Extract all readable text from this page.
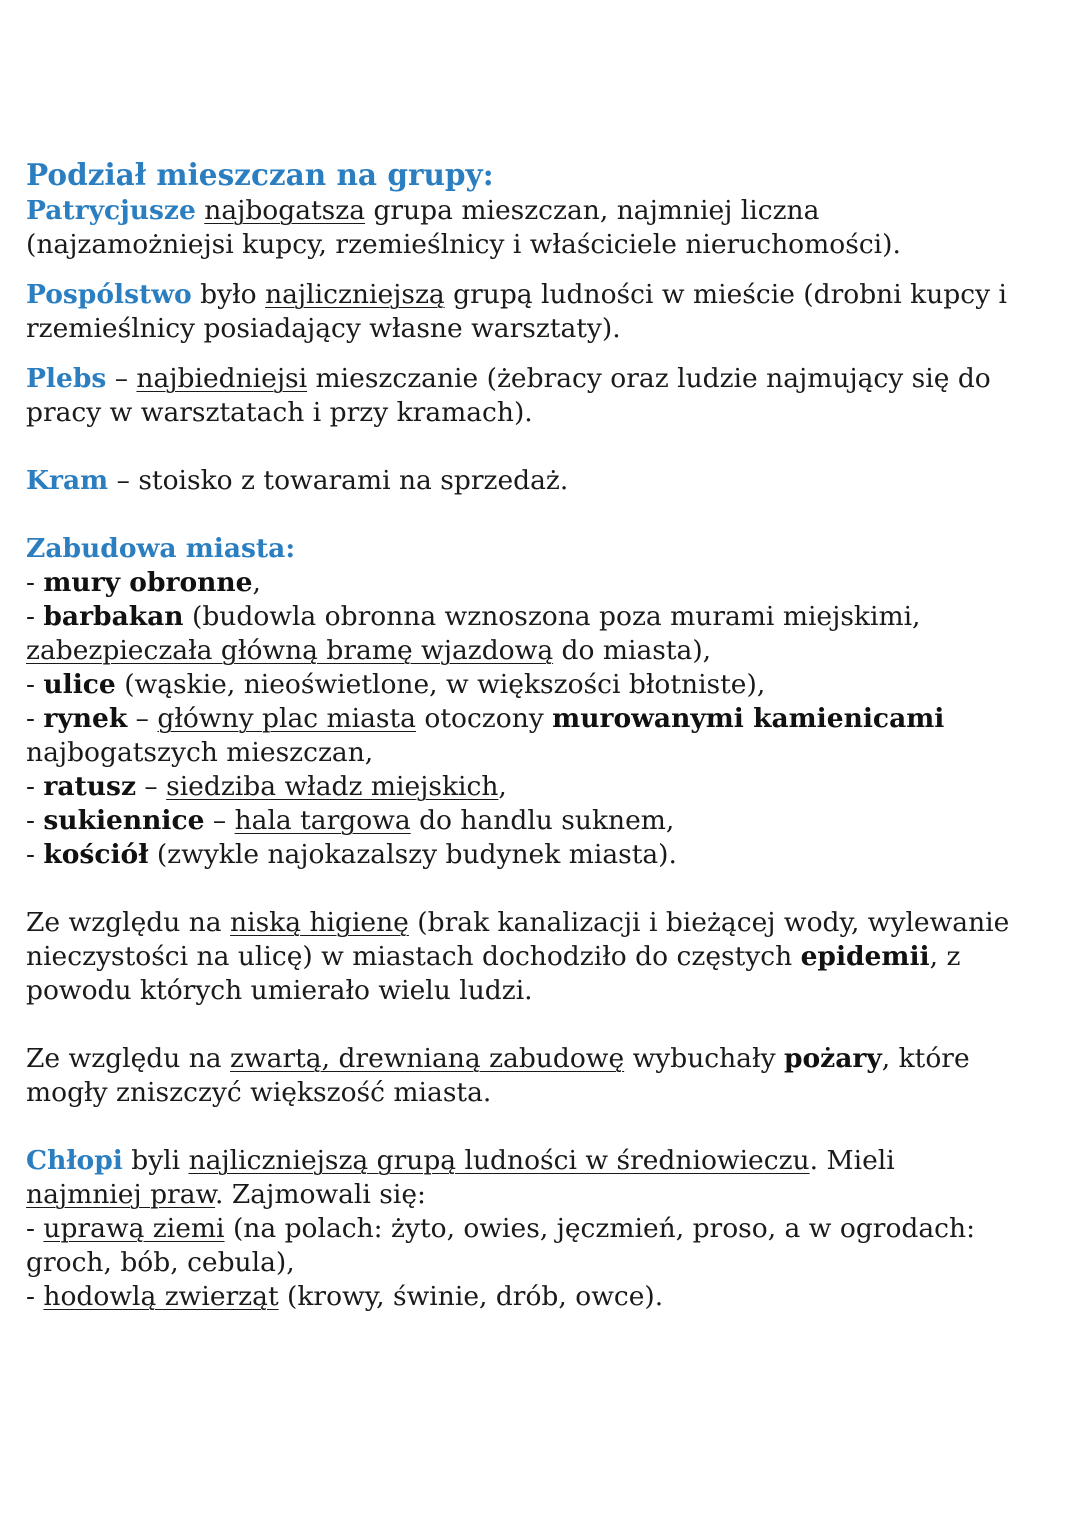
Podział mieszczan na grupy:

Patrycjusze najbogatsza grupa mieszczan, najmniej liczna
(najzamożniejsi kupcy, rzemieślnicy i właściciele nieruchomości).

Pospólstwo było najliczniejszą grupą ludności w mieście (drobni kupcy i
rzemieślnicy posiadający własne warsztaty).

Plebs – najbiedniejsi mieszczanie (żebracy oraz ludzie najmujący się do
pracy w warsztatach i przy kramach).

Kram – stoisko z towarami na sprzedaż.

Zabudowa miasta:
- mury obronne,
- barbakan (budowla obronna wznoszona poza murami miejskimi,
zabezpieczała główną bramę wjazdową do miasta),
- ulice (wąskie, nieoświetlone, w większości błotniste),
- rynek – główny plac miasta otoczony murowanymi kamienicami
najbogatszych mieszczan,
- ratusz – siedziba władz miejskich,
- sukiennice – hala targowa do handlu suknem,
- kościół (zwykle najokazalszy budynek miasta).

Ze względu na niską higienę (brak kanalizacji i bieżącej wody, wylewanie
nieczystości na ulicę) w miastach dochodziło do częstych epidemii, z
powodu których umierało wielu ludzi.

Ze względu na zwartą, drewnianą zabudowę wybuchały pożary, które
mogły zniszczyć większość miasta.

Chłopi byli najliczniejszą grupą ludności w średniowieczu. Mieli
najmniej praw. Zajmowali się:
- uprawą ziemi (na polach: żyto, owies, jęczmień, proso, a w ogrodach:
groch, bób, cebula),
- hodowlą zwierząt (krowy, świnie, drób, owce).
